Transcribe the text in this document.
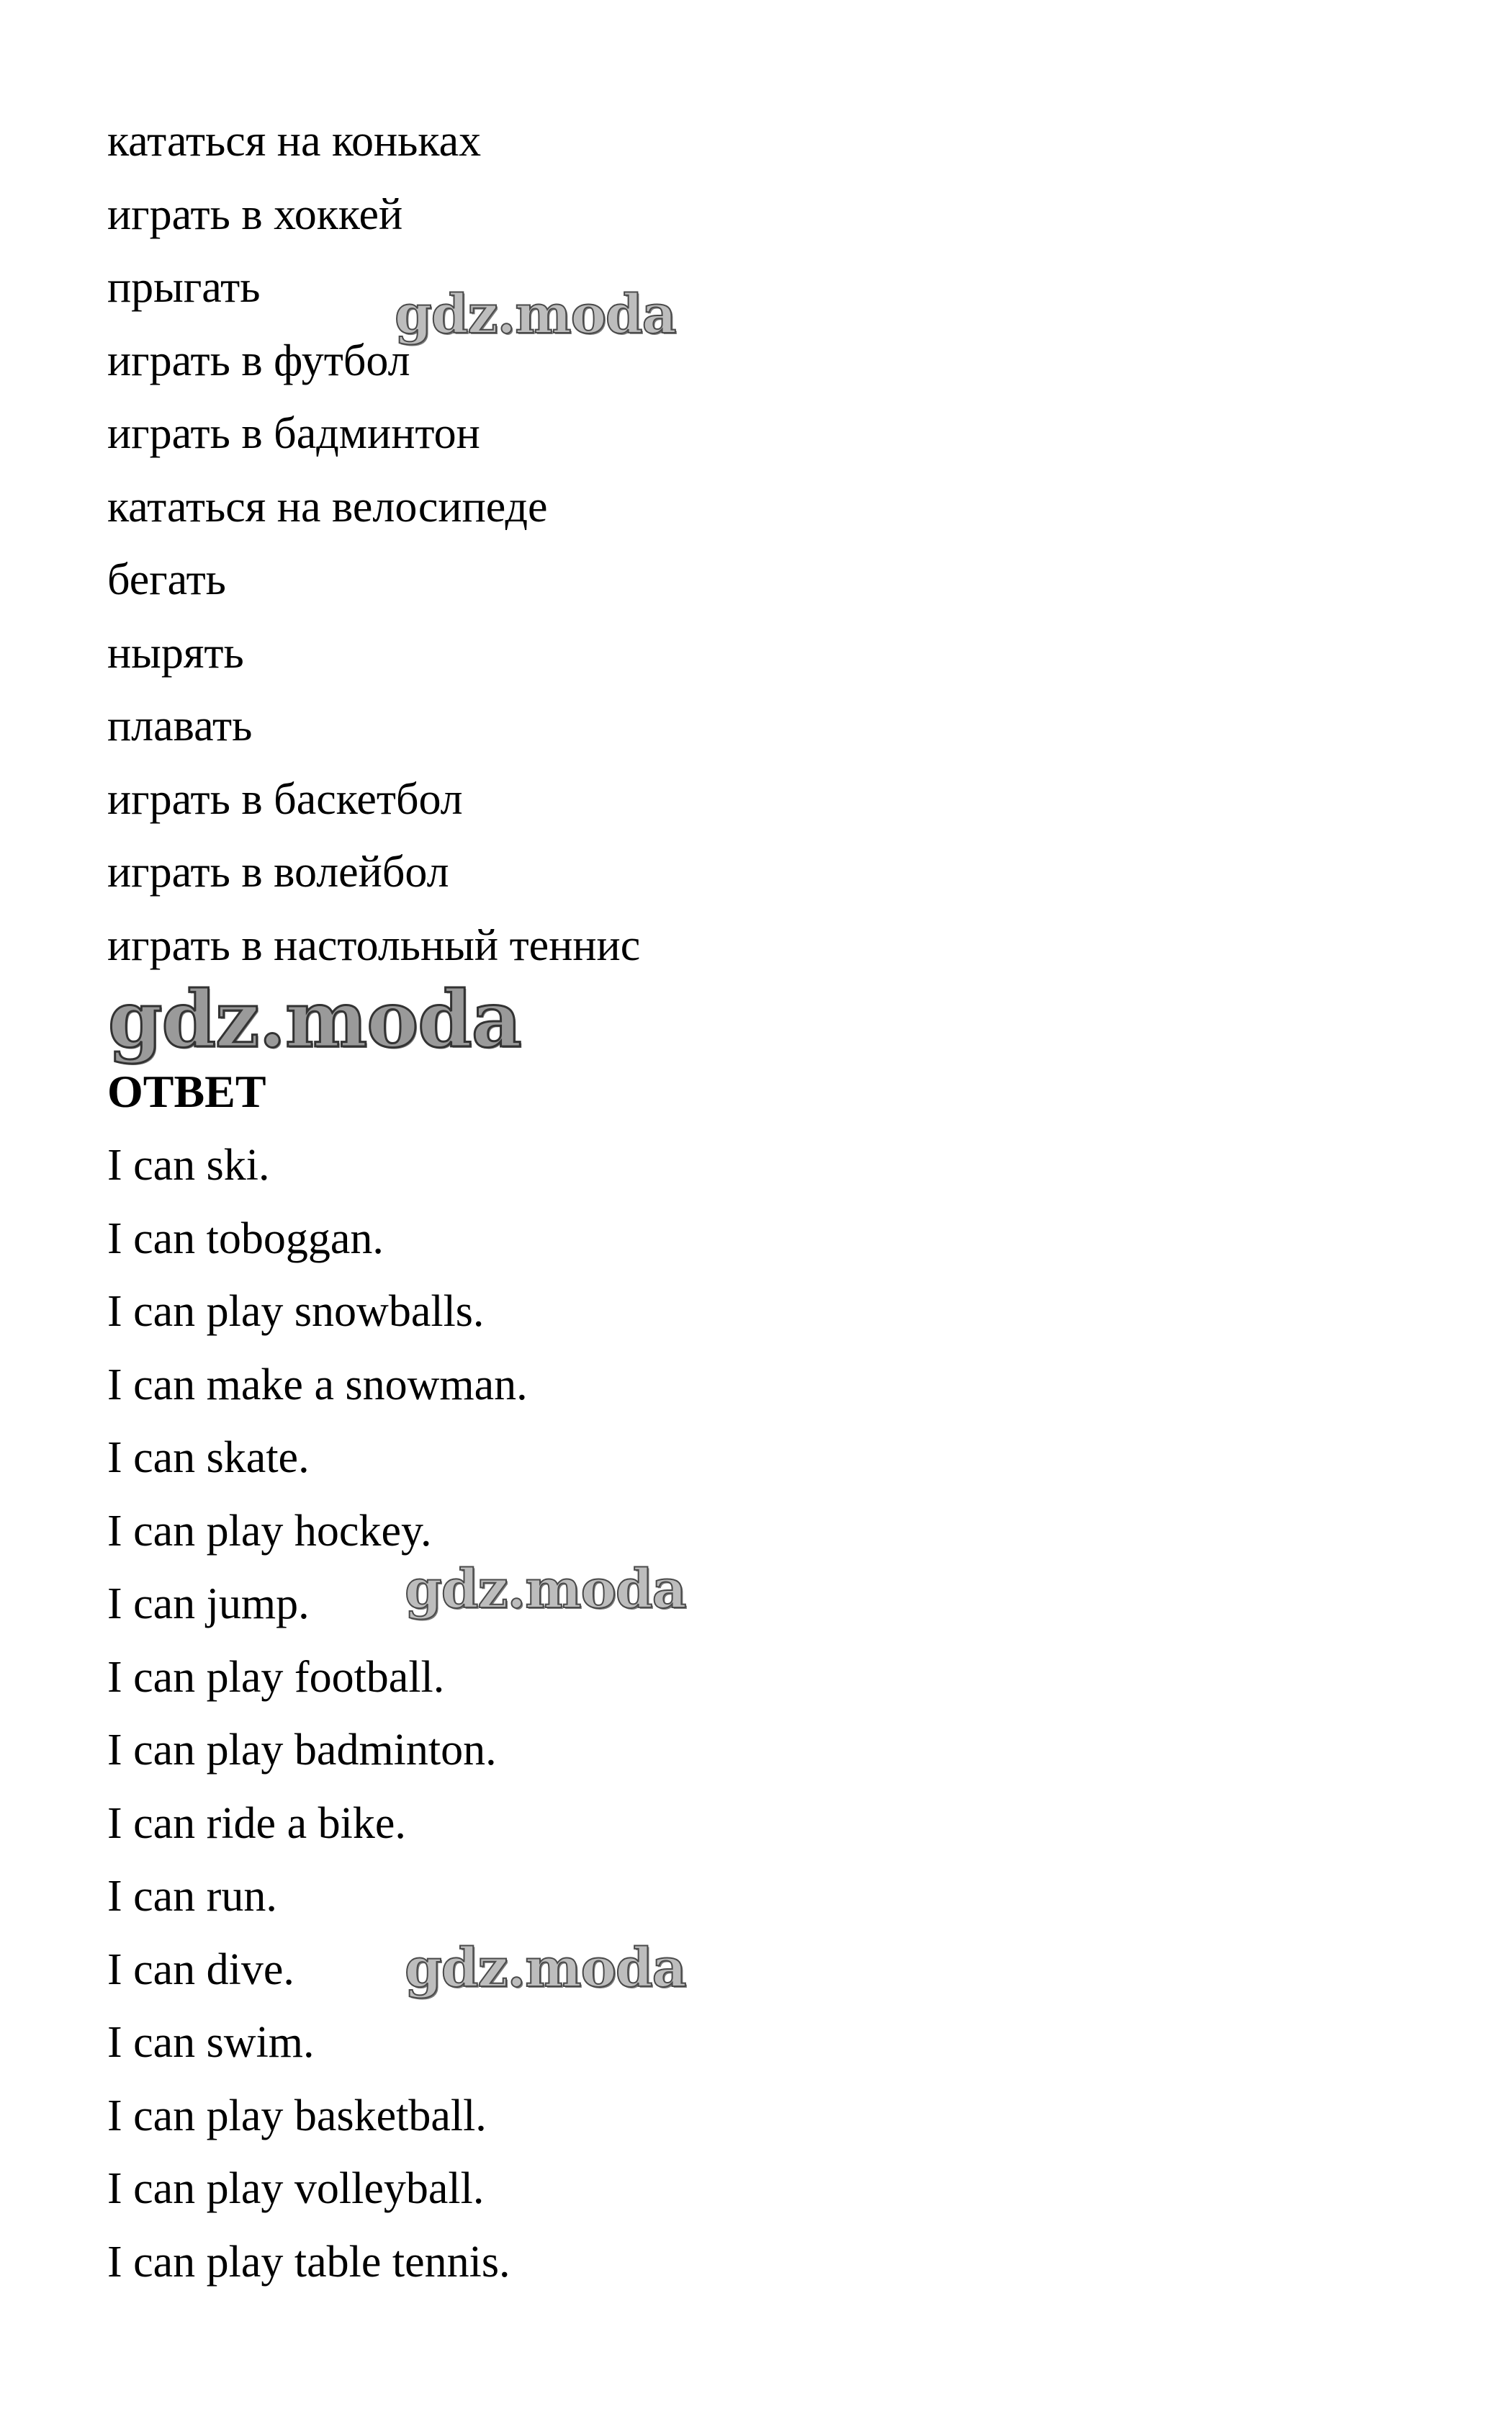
кататься на коньках
играть в хоккей
прыгать
играть в футбол
играть в бадминтон
кататься на велосипеде
бегать
нырять
плавать
играть в баскетбол
играть в волейбол
играть в настольный теннис
ОТВЕТ
I can ski.
I can toboggan.
I can play snowballs.
I can make a snowman.
I can skate.
I can play hockey.
I can jump.
I can play football.
I can play badminton.
I can ride a bike.
I can run.
I can dive.
I can swim.
I can play basketball.
I can play volleyball.
I can play table tennis.
gdz.moda
gdz.moda
gdz.moda
gdz.moda
